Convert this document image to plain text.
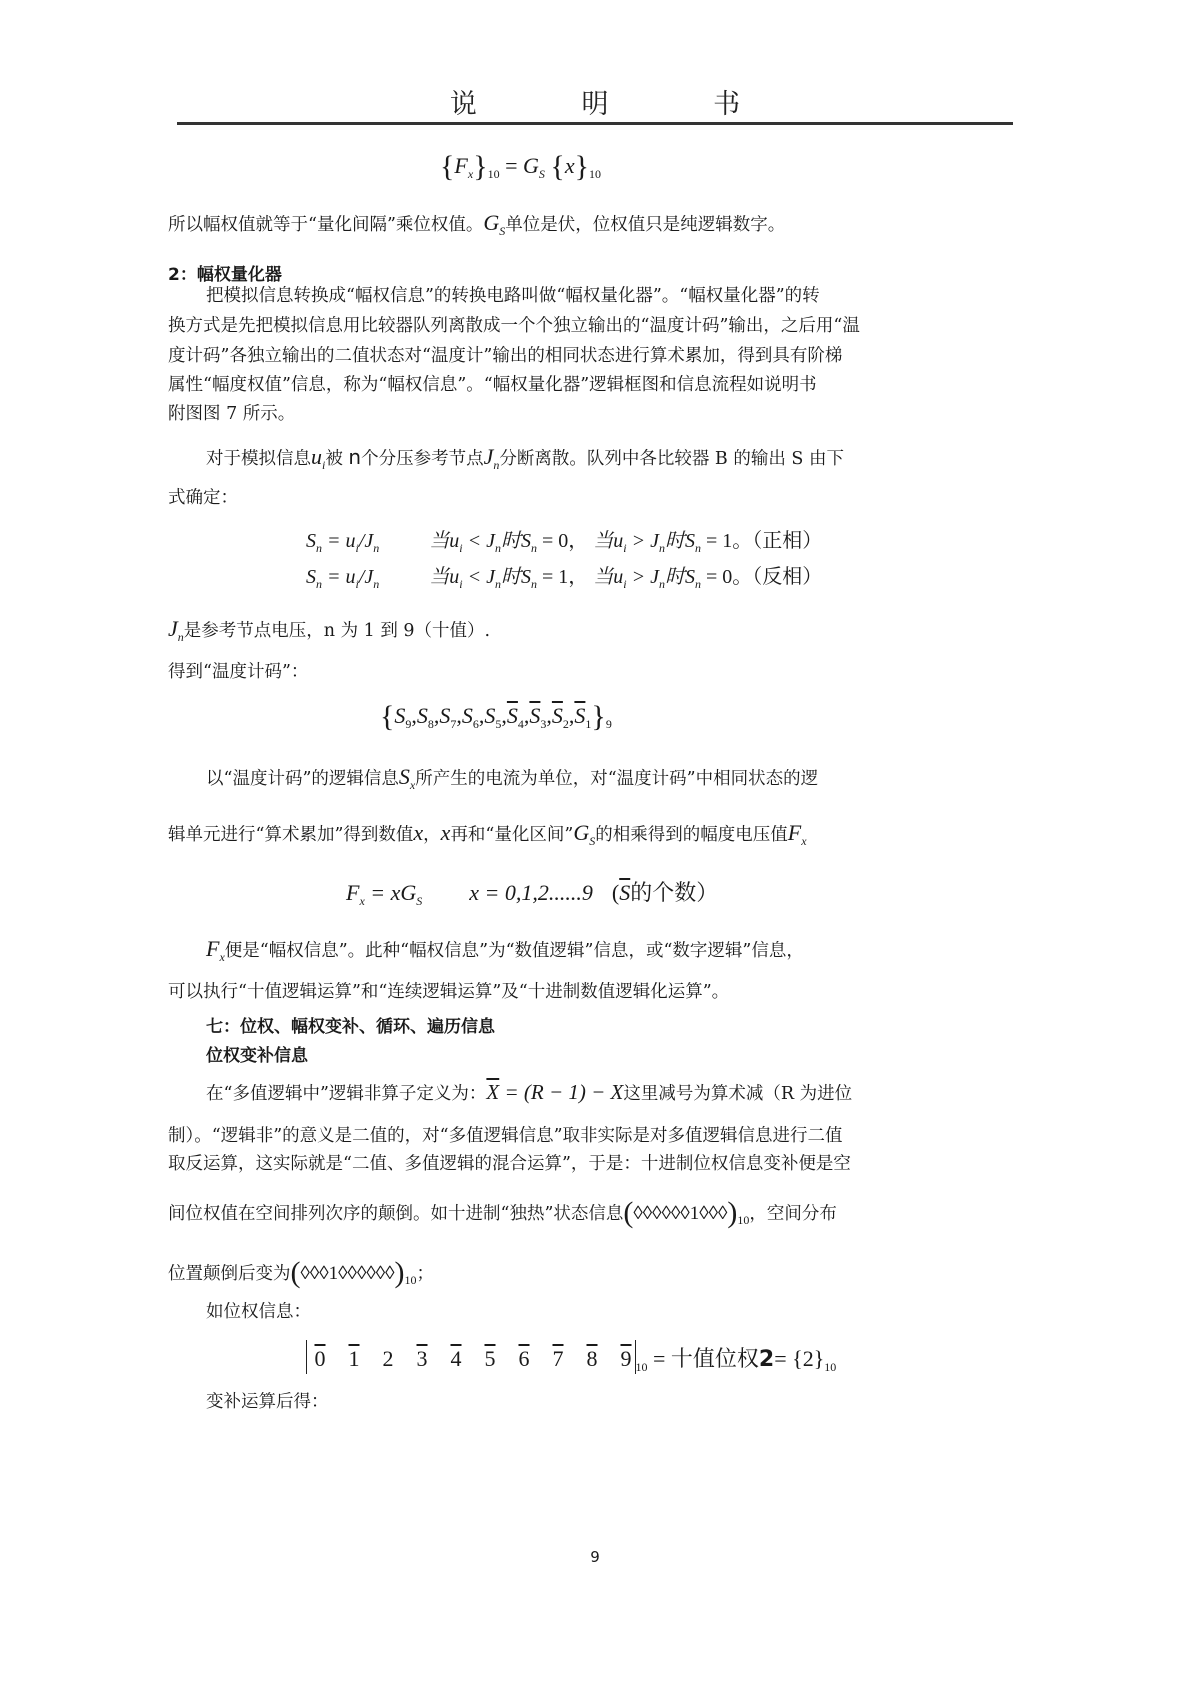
说 明 书
$\{F_x\}_{10} = G_S$ $\{x\}_{10}$
所以幅权值就等于“量化间隔”乘位权值。$G_S$单位是伏，位权值只是纯逻辑数字。
2：幅权量化器
把模拟信息转换成“幅权信息”的转换电路叫做“幅权量化器”。“幅权量化器”的转
换方式是先把模拟信息用比较器队列离散成一个个独立输出的“温度计码”输出，之后用“温
度计码”各独立输出的二值状态对“温度计”输出的相同状态进行算术累加，得到具有阶梯
属性“幅度权值”信息，称为“幅权信息”。“幅权量化器”逻辑框图和信息流程如说明书
附图图 7 所示。
对于模拟信息$u_i$被 n个分压参考节点$J_n$分断离散。队列中各比较器 B 的输出 S 由下
式确定：
$S_n = u_i/J_n$	当$u_i < J_n$时$S_n = 0$， 当$u_i > J_n$时$S_n = 1$。（正相）
$S_n = u_i/J_n$	当$u_i < J_n$时$S_n = 1$， 当$u_i > J_n$时$S_n = 0$。（反相）
$J_n$是参考节点电压，n 为 1 到 9（十值）.
得到“温度计码”：
$\{S_9,S_8,S_7,S_6,S_5,\overline{S}_4,\overline{S}_3,\overline{S}_2,\overline{S}_1\}_9$
以“温度计码”的逻辑信息$S_x$所产生的电流为单位，对“温度计码”中相同状态的逻
辑单元进行“算术累加”得到数值x，x再和“量化区间$”G_S$的相乘得到的幅度电压值$F_x$
$F_x = xG_S$ x = 0,1,2......9 ($\overline{S}$的个数）
$F_x$便是“幅权信息”。此种“幅权信息”为“数值逻辑”信息，或“数字逻辑”信息，
可以执行“十值逻辑运算”和“连续逻辑运算”及“十进制数值逻辑化运算”。
七：位权、幅权变补、循环、遍历信息
位权变补信息
在“多值逻辑中”逻辑非算子定义为：$\overline{X} = (R - 1) - X$这里减号为算术减（R 为进位
制）。“逻辑非”的意义是二值的，对“多值逻辑信息”取非实际是对多值逻辑信息进行二值
取反运算，这实际就是“二值、多值逻辑的混合运算”，于是：十进制位权信息变补便是空
间位权值在空间排列次序的颠倒。如十进制“独热”状态信息$(◊◊◊◊◊◊1◊◊◊)_{10}$，空间分布
位置颠倒后变为$(◊◊◊1◊◊◊◊◊◊)_{10}$；
如位权信息：
0 1 2 3 4 5 6 7 8 9 $_{10}$ = 十值位权$2= \{2\}_{10}$
变补运算后得：
9
